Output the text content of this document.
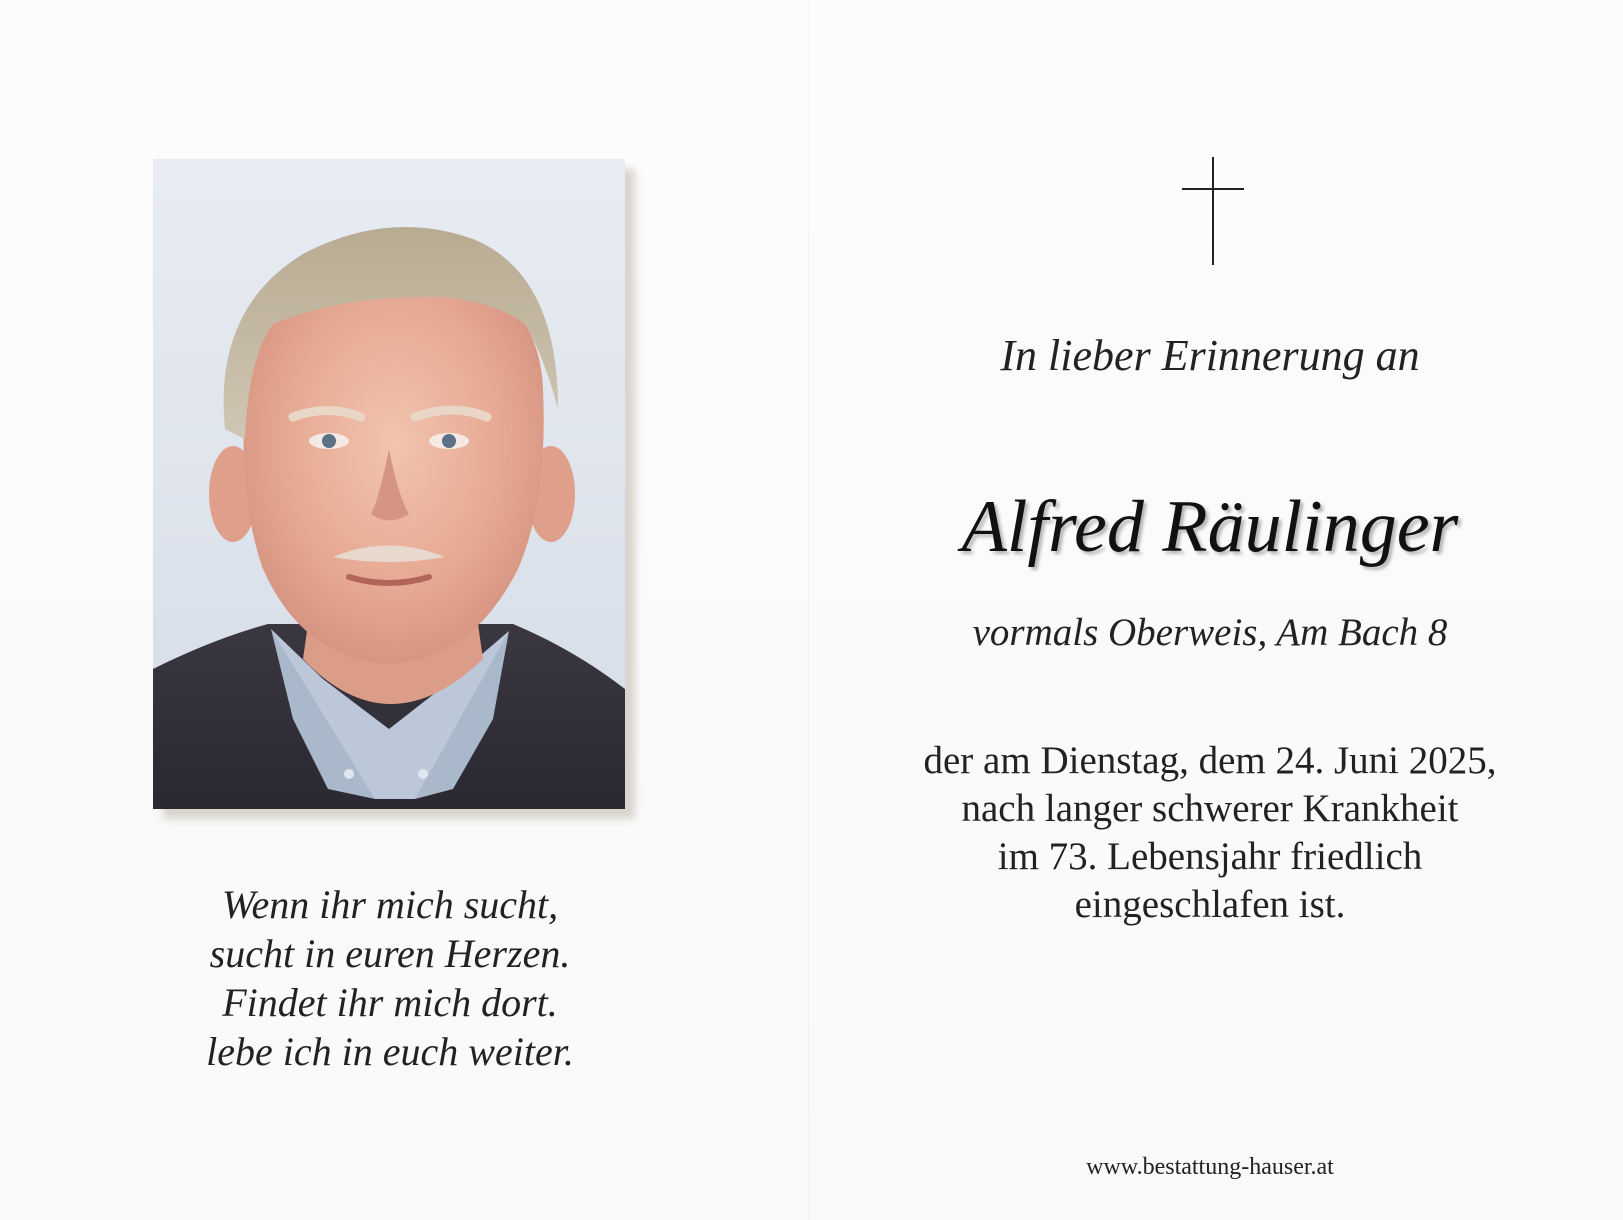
Wenn ihr mich sucht,
sucht in euren Herzen.
Findet ihr mich dort.
lebe ich in euch weiter.
In lieber Erinnerung an
Alfred Räulinger
vormals Oberweis, Am Bach 8
der am Dienstag, dem 24. Juni 2025,
nach langer schwerer Krankheit
im 73. Lebensjahr friedlich
eingeschlafen ist.
www.bestattung-hauser.at
